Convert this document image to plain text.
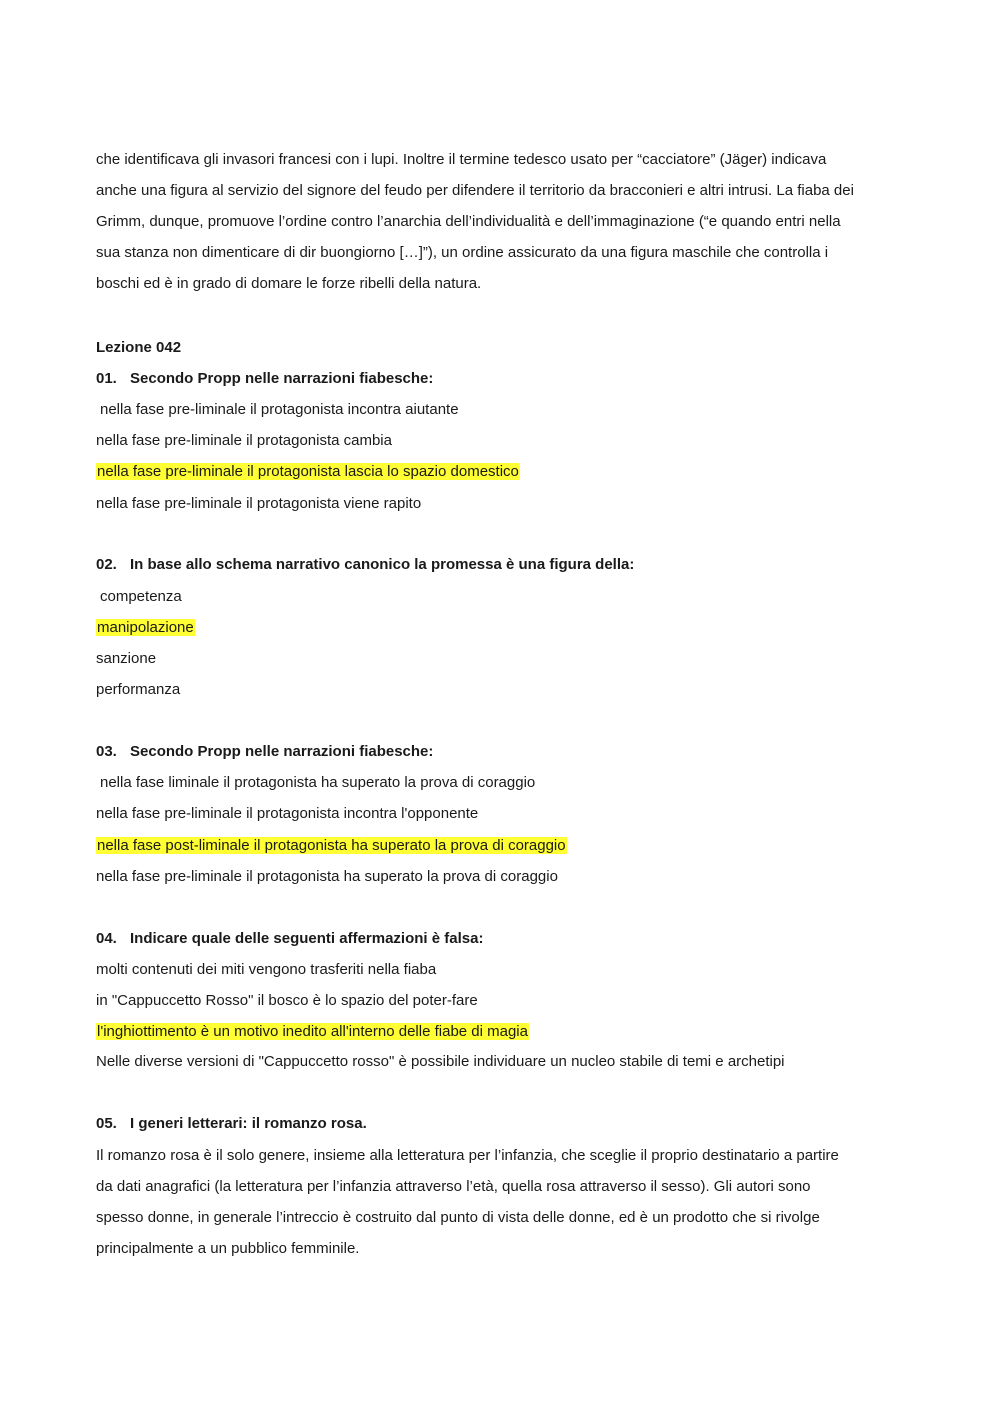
che identificava gli invasori francesi con i lupi. Inoltre il termine tedesco usato per “cacciatore” (Jäger) indicava
anche una figura al servizio del signore del feudo per difendere il territorio da bracconieri e altri intrusi. La fiaba dei
Grimm, dunque, promuove l’ordine contro l’anarchia dell’individualità e dell’immaginazione (“e quando entri nella
sua stanza non dimenticare di dir buongiorno […]”), un ordine assicurato da una figura maschile che controlla i
boschi ed è in grado di domare le forze ribelli della natura.
Lezione 042
01. Secondo Propp nelle narrazioni fiabesche:
nella fase pre-liminale il protagonista incontra aiutante
nella fase pre-liminale il protagonista cambia
nella fase pre-liminale il protagonista lascia lo spazio domestico
nella fase pre-liminale il protagonista viene rapito
02. In base allo schema narrativo canonico la promessa è una figura della:
competenza
manipolazione
sanzione
performanza
03. Secondo Propp nelle narrazioni fiabesche:
nella fase liminale il protagonista ha superato la prova di coraggio
nella fase pre-liminale il protagonista incontra l'opponente
nella fase post-liminale il protagonista ha superato la prova di coraggio
nella fase pre-liminale il protagonista ha superato la prova di coraggio
04. Indicare quale delle seguenti affermazioni è falsa:
molti contenuti dei miti vengono trasferiti nella fiaba
in "Cappuccetto Rosso" il bosco è lo spazio del poter-fare
l'inghiottimento è un motivo inedito all'interno delle fiabe di magia
Nelle diverse versioni di "Cappuccetto rosso" è possibile individuare un nucleo stabile di temi e archetipi
05. I generi letterari: il romanzo rosa.
Il romanzo rosa è il solo genere, insieme alla letteratura per l’infanzia, che sceglie il proprio destinatario a partire
da dati anagrafici (la letteratura per l’infanzia attraverso l’età, quella rosa attraverso il sesso). Gli autori sono
spesso donne, in generale l’intreccio è costruito dal punto di vista delle donne, ed è un prodotto che si rivolge
principalmente a un pubblico femminile.
